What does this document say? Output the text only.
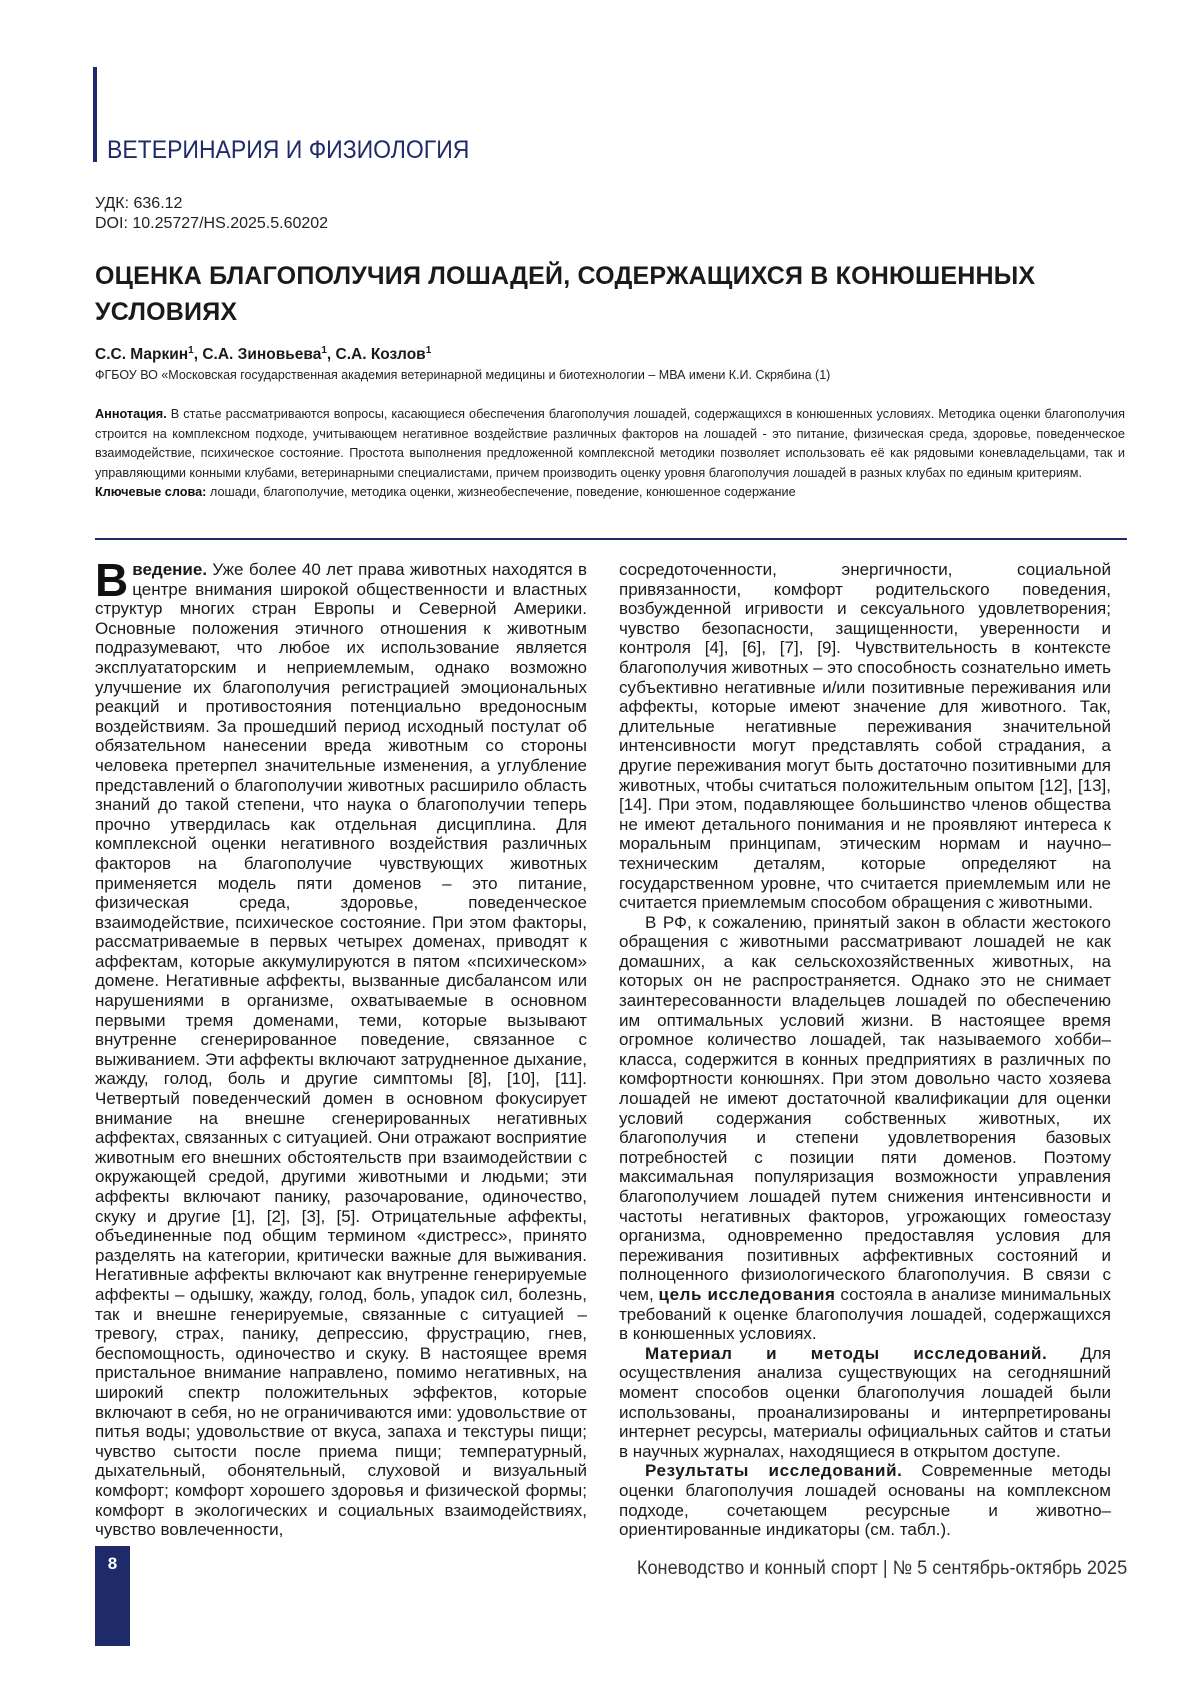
ВЕТЕРИНАРИЯ И ФИЗИОЛОГИЯ
УДК: 636.12
DOI: 10.25727/HS.2025.5.60202
ОЦЕНКА БЛАГОПОЛУЧИЯ ЛОШАДЕЙ, СОДЕРЖАЩИХСЯ В КОНЮШЕННЫХ УСЛОВИЯХ
С.С. Маркин1, С.А. Зиновьева1, С.А. Козлов1
ФГБОУ ВО «Московская государственная академия ветеринарной медицины и биотехнологии – МВА имени К.И. Скрябина (1)
Аннотация. В статье рассматриваются вопросы, касающиеся обеспечения благополучия лошадей, содержащихся в конюшенных условиях. Методика оценки благополучия строится на комплексном подходе, учитывающем негативное воздействие различных факторов на лошадей - это питание, физическая среда, здоровье, поведенческое взаимодействие, психическое состояние. Простота выполнения предложенной комплексной методики позволяет использовать её как рядовыми коневладельцами, так и управляющими конными клубами, ветеринарными специалистами, причем производить оценку уровня благополучия лошадей в разных клубах по единым критериям.
Ключевые слова: лошади, благополучие, методика оценки, жизнеобеспечение, поведение, конюшенное содержание

В ведение. Уже более 40 лет права животных находятся в центре внимания широкой общественности и властных структур многих стран Европы и Северной Америки. Основные положения этичного отношения к животным подразумевают, что любое их использование является эксплуататорским и неприемлемым, однако возможно улучшение их благополучия регистрацией эмоциональных реакций и противостояния потенциально вредоносным воздействиям. За прошедший период исходный постулат об обязательном нанесении вреда животным со стороны человека претерпел значительные изменения, а углубление представлений о благополучии животных расширило область знаний до такой степени, что наука о благополучии теперь прочно утвердилась как отдельная дисциплина. Для комплексной оценки негативного воздействия различных факторов на благополучие чувствующих животных применяется модель пяти доменов – это питание, физическая среда, здоровье, поведенческое взаимодействие, психическое состояние. При этом факторы, рассматриваемые в первых четырех доменах, приводят к аффектам, которые аккумулируются в пятом «психическом» домене. Негативные аффекты, вызванные дисбалансом или нарушениями в организме, охватываемые в основном первыми тремя доменами, теми, которые вызывают внутренне сгенерированное поведение, связанное с выживанием. Эти аффекты включают затрудненное дыхание, жажду, голод, боль и другие симптомы [8], [10], [11]. Четвертый поведенческий домен в основном фокусирует внимание на внешне сгенерированных негативных аффектах, связанных с ситуацией. Они отражают восприятие животным его внешних обстоятельств при взаимодействии с окружающей средой, другими животными и людьми; эти аффекты включают панику, разочарование, одиночество, скуку и другие [1], [2], [3], [5]. Отрицательные аффекты, объединенные под общим термином «дистресс», принято разделять на категории, критически важные для выживания. Негативные аффекты включают как внутренне генерируемые аффекты – одышку, жажду, голод, боль, упадок сил, болезнь, так и внешне генерируемые, связанные с ситуацией – тревогу, страх, панику, депрессию, фрустрацию, гнев, беспомощность, одиночество и скуку. В настоящее время пристальное внимание направлено, помимо негативных, на широкий спектр положительных эффектов, которые включают в себя, но не ограничиваются ими: удовольствие от питья воды; удовольствие от вкуса, запаха и текстуры пищи; чувство сытости после приема пищи; температурный, дыхательный, обонятельный, слуховой и визуальный комфорт; комфорт хорошего здоровья и физической формы; комфорт в экологических и социальных взаимодействиях, чувство вовлеченности,

сосредоточенности, энергичности, социальной привязанности, комфорт родительского поведения, возбужденной игривости и сексуального удовлетворения; чувство безопасности, защищенности, уверенности и контроля [4], [6], [7], [9]. Чувствительность в контексте благополучия животных – это способность сознательно иметь субъективно негативные и/или позитивные переживания или аффекты, которые имеют значение для животного. Так, длительные негативные переживания значительной интенсивности могут представлять собой страдания, а другие переживания могут быть достаточно позитивными для животных, чтобы считаться положительным опытом [12], [13], [14]. При этом, подавляющее большинство членов общества не имеют детального понимания и не проявляют интереса к моральным принципам, этическим нормам и научно–техническим деталям, которые определяют на государственном уровне, что считается приемлемым или не считается приемлемым способом обращения с животными.

В РФ, к сожалению, принятый закон в области жестокого обращения с животными рассматривают лошадей не как домашних, а как сельскохозяйственных животных, на которых он не распространяется. Однако это не снимает заинтересованности владельцев лошадей по обеспечению им оптимальных условий жизни. В настоящее время огромное количество лошадей, так называемого хобби–класса, содержится в конных предприятиях в различных по комфортности конюшнях. При этом довольно часто хозяева лошадей не имеют достаточной квалификации для оценки условий содержания собственных животных, их благополучия и степени удовлетворения базовых потребностей с позиции пяти доменов. Поэтому максимальная популяризация возможности управления благополучием лошадей путем снижения интенсивности и частоты негативных факторов, угрожающих гомеостазу организма, одновременно предоставляя условия для переживания позитивных аффективных состояний и полноценного физиологического благополучия. В связи с чем, цель исследования состояла в анализе минимальных требований к оценке благополучия лошадей, содержащихся в конюшенных условиях.

Материал и методы исследований. Для осуществления анализа существующих на сегодняшний момент способов оценки благополучия лошадей были использованы, проанализированы и интерпретированы интернет ресурсы, материалы официальных сайтов и статьи в научных журналах, находящиеся в открытом доступе.

Результаты исследований. Современные методы оценки благополучия лошадей основаны на комплексном подходе, сочетающем ресурсные и животно–ориентированные индикаторы (см. табл.).

8	Коневодство и конный спорт | № 5 сентябрь-октябрь 2025
